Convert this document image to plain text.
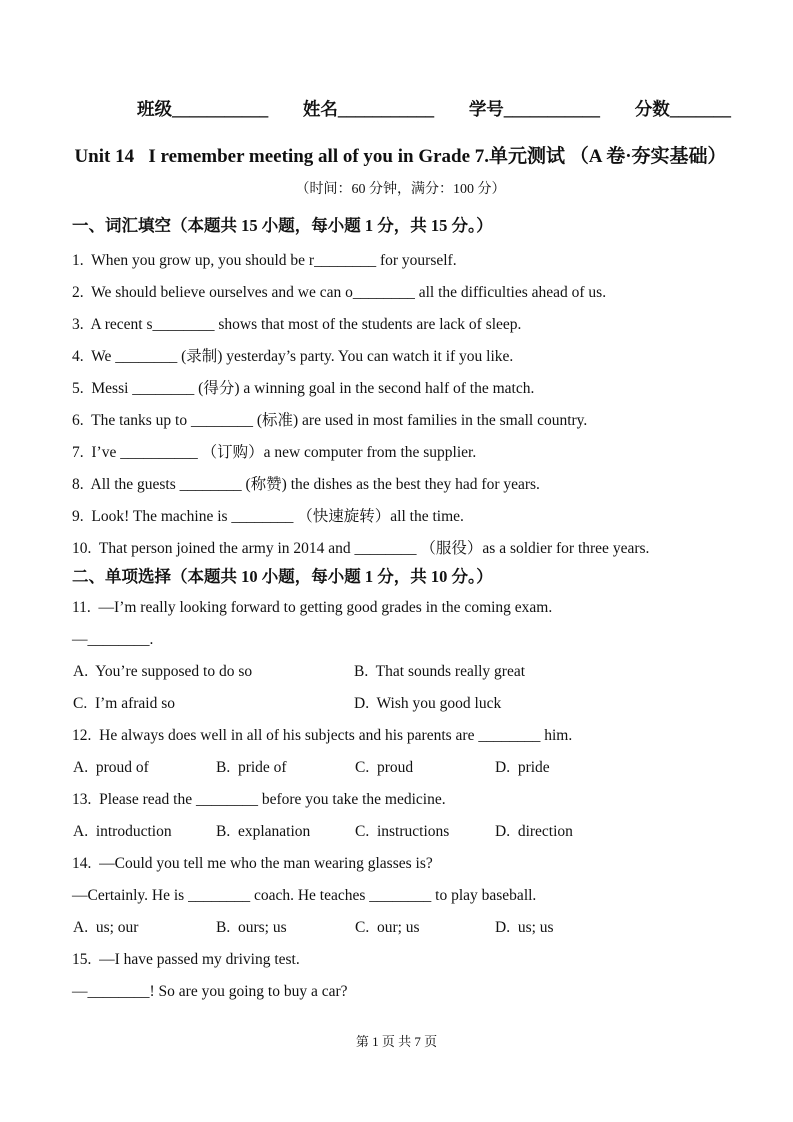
班级___________ 姓名___________ 学号___________ 分数_______
Unit 14   I remember meeting all of you in Grade 7.单元测试 （A 卷·夯实基础）
（时间：60 分钟，满分：100 分）
一、词汇填空（本题共 15 小题，每小题 1 分，共 15 分。）
1.  When you grow up, you should be r________ for yourself.
2.  We should believe ourselves and we can o________ all the difficulties ahead of us.
3.  A recent s________ shows that most of the students are lack of sleep.
4.  We ________ (录制) yesterday’s party. You can watch it if you like.
5.  Messi ________ (得分) a winning goal in the second half of the match.
6.  The tanks up to ________ (标准) are used in most families in the small country.
7.  I’ve __________ （订购）a new computer from the supplier.
8.  All the guests ________ (称赞) the dishes as the best they had for years.
9.  Look! The machine is ________ （快速旋转）all the time.
10.  That person joined the army in 2014 and ________ （服役）as a soldier for three years.
二、单项选择（本题共 10 小题，每小题 1 分，共 10 分。）
11.  —I’m really looking forward to getting good grades in the coming exam.
—________.
A.  You’re supposed to do so	B.  That sounds really great
C.  I’m afraid so	D.  Wish you good luck
12.  He always does well in all of his subjects and his parents are ________ him.
A.  proud of	B.  pride of	C.  proud	D.  pride
13.  Please read the ________ before you take the medicine.
A.  introduction	B.  explanation	C.  instructions	D.  direction
14.  —Could you tell me who the man wearing glasses is?
—Certainly. He is ________ coach. He teaches ________ to play baseball.
A.  us; our	B.  ours; us	C.  our; us	D.  us; us
15.  —I have passed my driving test.
—________! So are you going to buy a car?
第 1 页 共 7 页
